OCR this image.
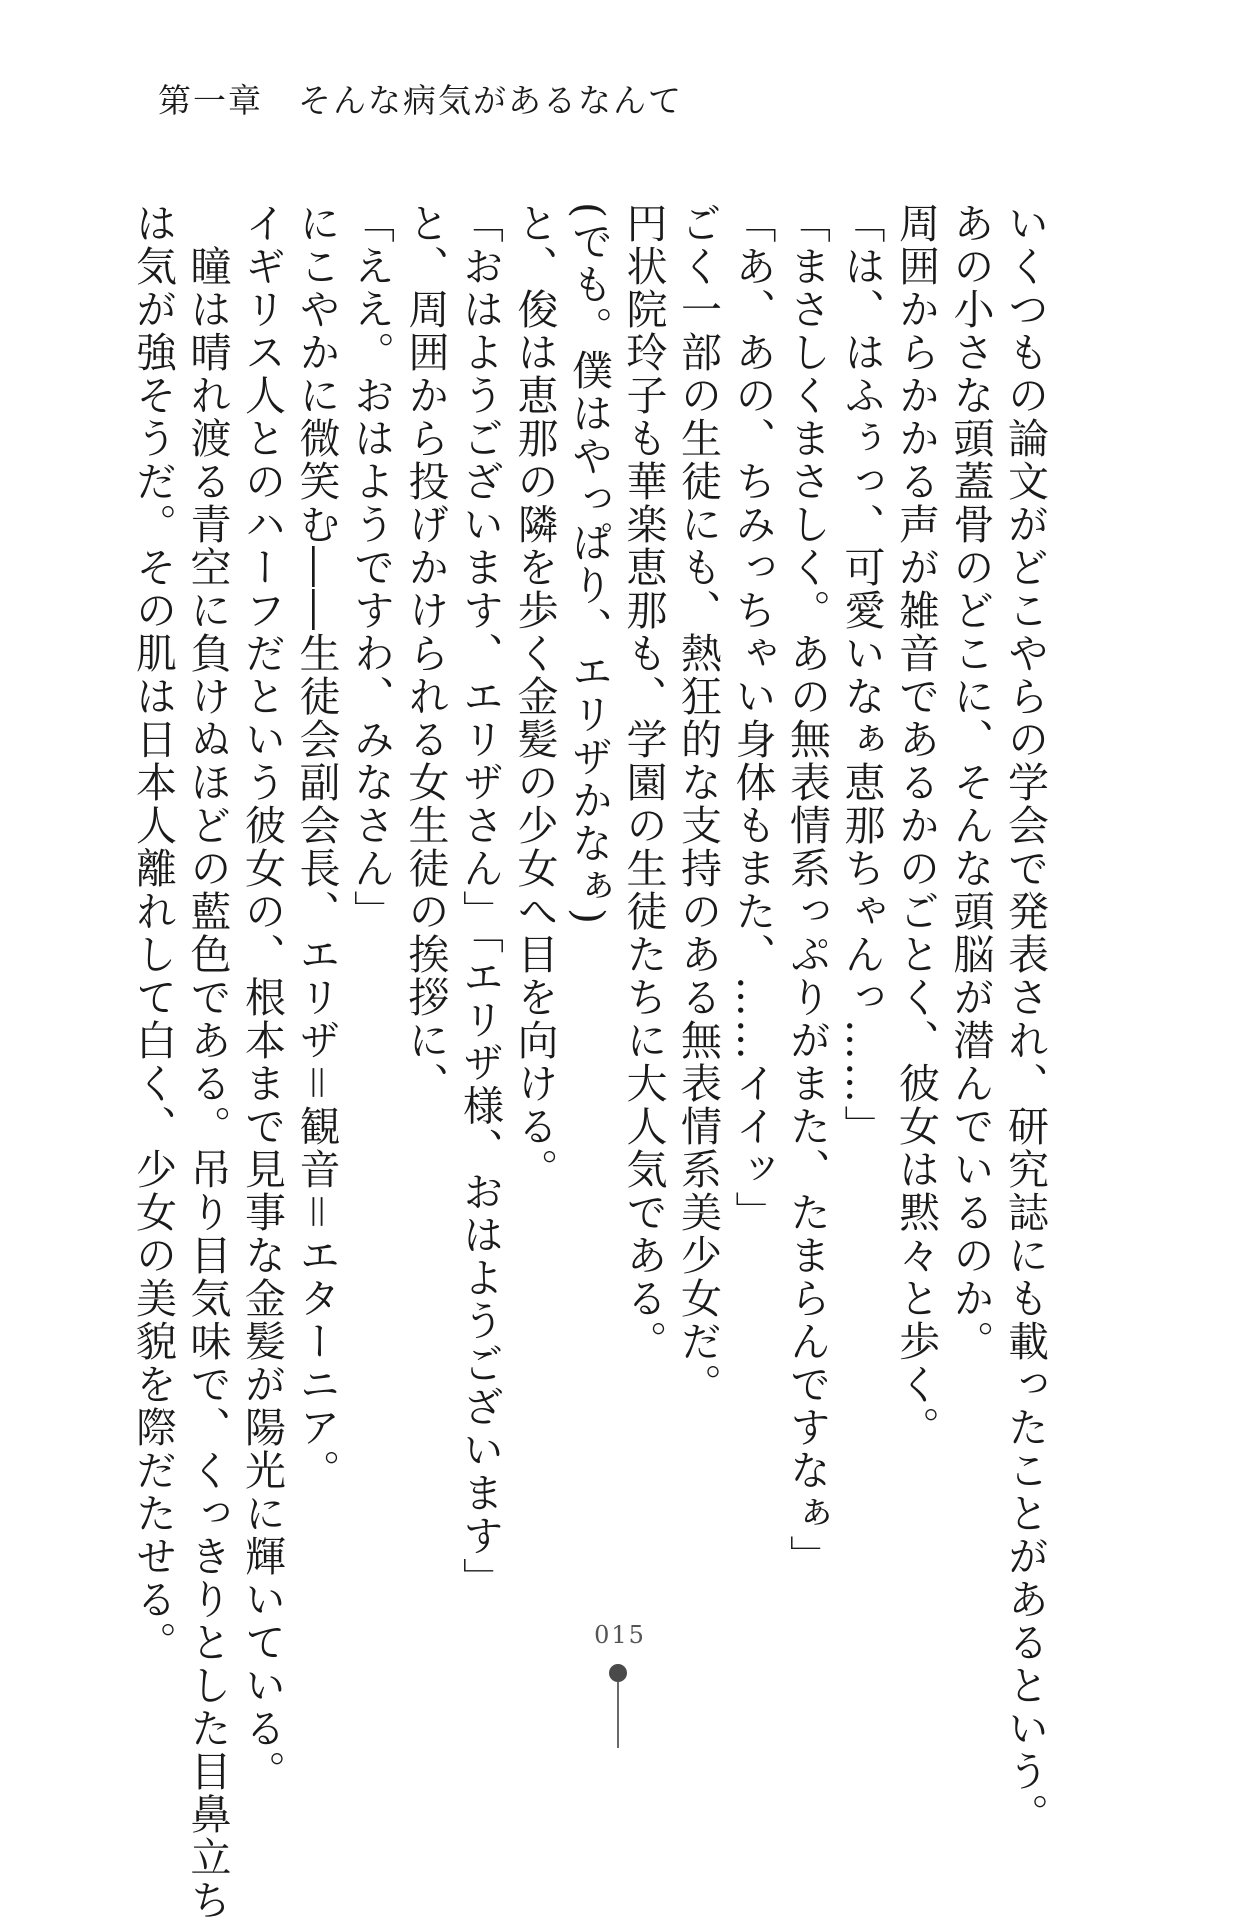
第一章　そんな病気があるなんて
いくつもの論文がどこやらの学会で発表され、研究誌にも載ったことがあるという。
あの小さな頭蓋骨のどこに、そんな頭脳が潜んでいるのか。
周囲からかかる声が雑音であるかのごとく、彼女は黙々と歩く。
「は、はふぅっ、可愛いなぁ恵那ちゃんっ……」
「まさしくまさしく。あの無表情系っぷりがまた、たまらんですなぁ」
「あ、あの、ちみっちゃい身体もまた、……イイッ」
ごく一部の生徒にも、熱狂的な支持のある無表情系美少女だ。
円状院玲子も華楽恵那も、学園の生徒たちに大人気である。
(でも。僕はやっぱり、エリザかなぁ)
と、俊は恵那の隣を歩く金髪の少女へ目を向ける。
「おはようございます、エリザさん」「エリザ様、おはようございます」
と、周囲から投げかけられる女生徒の挨拶に、
「ええ。おはようですわ、みなさん」
にこやかに微笑む――生徒会副会長、エリザ＝観音＝エターニア。
イギリス人とのハーフだという彼女の、根本まで見事な金髪が陽光に輝いている。
　瞳は晴れ渡る青空に負けぬほどの藍色である。吊り目気味で、くっきりとした目鼻立ち
は気が強そうだ。その肌は日本人離れして白く、少女の美貌を際だたせる。	015
